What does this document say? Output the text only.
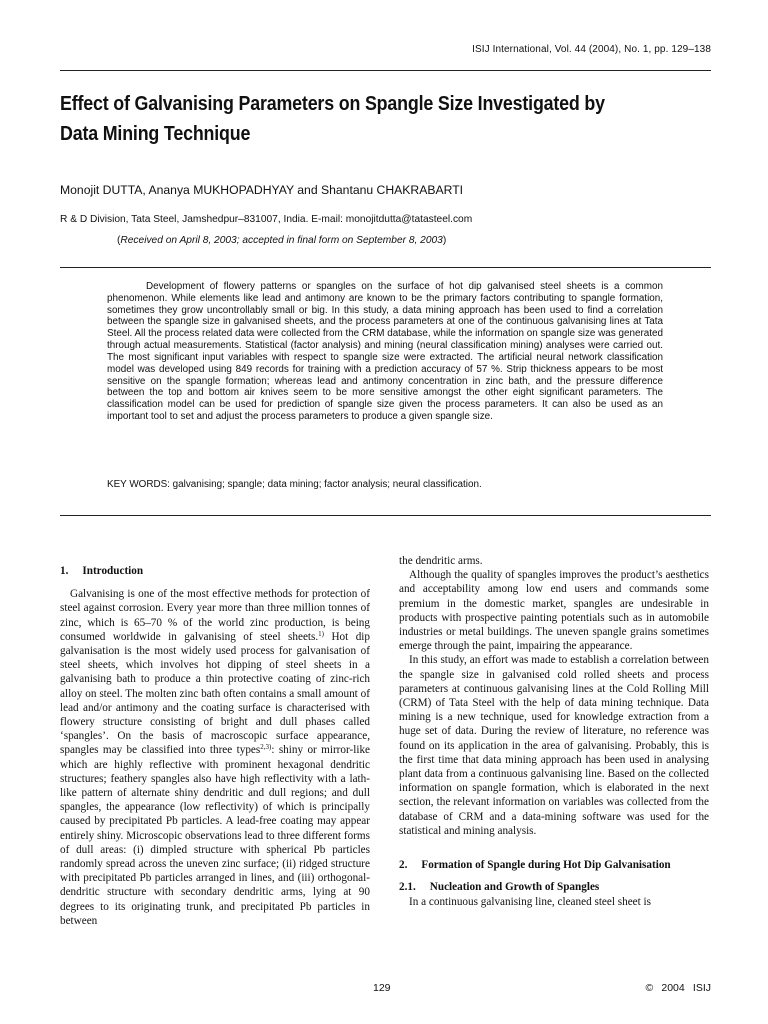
ISIJ International, Vol. 44 (2004), No. 1, pp. 129–138
Effect of Galvanising Parameters on Spangle Size Investigated by Data Mining Technique
Monojit DUTTA, Ananya MUKHOPADHYAY and Shantanu CHAKRABARTI
R & D Division, Tata Steel, Jamshedpur–831007, India. E-mail: monojitdutta@tatasteel.com
(Received on April 8, 2003; accepted in final form on September 8, 2003)

Development of flowery patterns or spangles on the surface of hot dip galvanised steel sheets is a common phenomenon. While elements like lead and antimony are known to be the primary factors contributing to spangle formation, sometimes they grow uncontrollably small or big. In this study, a data mining approach has been used to find a correlation between the spangle size in galvanised sheets, and the process parameters at one of the continuous galvanising lines at Tata Steel. All the process related data were collected from the CRM database, while the information on spangle size was generated through actual measurements. Statistical (factor analysis) and mining (neural classification mining) analyses were carried out. The most significant input variables with respect to spangle size were extracted. The artificial neural network classification model was developed using 849 records for training with a prediction accuracy of 57 %. Strip thickness appears to be most sensitive on the spangle formation; whereas lead and antimony concentration in zinc bath, and the pressure difference between the top and bottom air knives seem to be more sensitive amongst the other eight significant parameters. The classification model can be used for prediction of spangle size given the process parameters. It can also be used as an important tool to set and adjust the process parameters to produce a given spangle size.

KEY WORDS: galvanising; spangle; data mining; factor analysis; neural classification.
1.  Introduction

Galvanising is one of the most effective methods for protection of steel against corrosion. Every year more than three million tonnes of zinc, which is 65–70 % of the world zinc production, is being consumed worldwide in galvanising of steel sheets.$^{1)}$ Hot dip galvanisation is the most widely used process for galvanisation of steel sheets, which involves hot dipping of steel sheets in a galvanising bath to produce a thin protective coating of zinc-rich alloy on steel. The molten zinc bath often contains a small amount of lead and/or antimony and the coating surface is characterised with flowery structure consisting of bright and dull phases called ‘spangles’. On the basis of macroscopic surface appearance, spangles may be classified into three types$^{2,3)}$: shiny or mirror-like which are highly reflective with prominent hexagonal dendritic structures; feathery spangles also have high reflectivity with a lath-like pattern of alternate shiny dendritic and dull regions; and dull spangles, the appearance (low reflectivity) of which is principally caused by precipitated Pb particles. A lead-free coating may appear entirely shiny. Microscopic observations lead to three different forms of dull areas: (i) dimpled structure with spherical Pb particles randomly spread across the uneven zinc surface; (ii) ridged structure with precipitated Pb particles arranged in lines, and (iii) orthogonal-dendritic structure with secondary dendritic arms, lying at 90 degrees to its originating trunk, and precipitated Pb particles in between

the dendritic arms.

Although the quality of spangles improves the product’s aesthetics and acceptability among low end users and commands some premium in the domestic market, spangles are undesirable in products with prospective painting potentials such as in automobile industries or metal buildings. The uneven spangle grains sometimes emerge through the paint, impairing the appearance.

In this study, an effort was made to establish a correlation between the spangle size in galvanised cold rolled sheets and process parameters at continuous galvanising lines at the Cold Rolling Mill (CRM) of Tata Steel with the help of data mining technique. Data mining is a new technique, used for knowledge extraction from a huge set of data. During the review of literature, no reference was found on its application in the area of galvanising. Probably, this is the first time that data mining approach has been used in analysing plant data from a continuous galvanising line. Based on the collected information on spangle formation, which is elaborated in the next section, the relevant information on variables was collected from the database of CRM and a data-mining software was used for the statistical and mining analysis.

2.  Formation of Spangle during Hot Dip Galvanisation
2.1.  Nucleation and Growth of Spangles

In a continuous galvanising line, cleaned steel sheet is

129	©  2004  ISIJ
